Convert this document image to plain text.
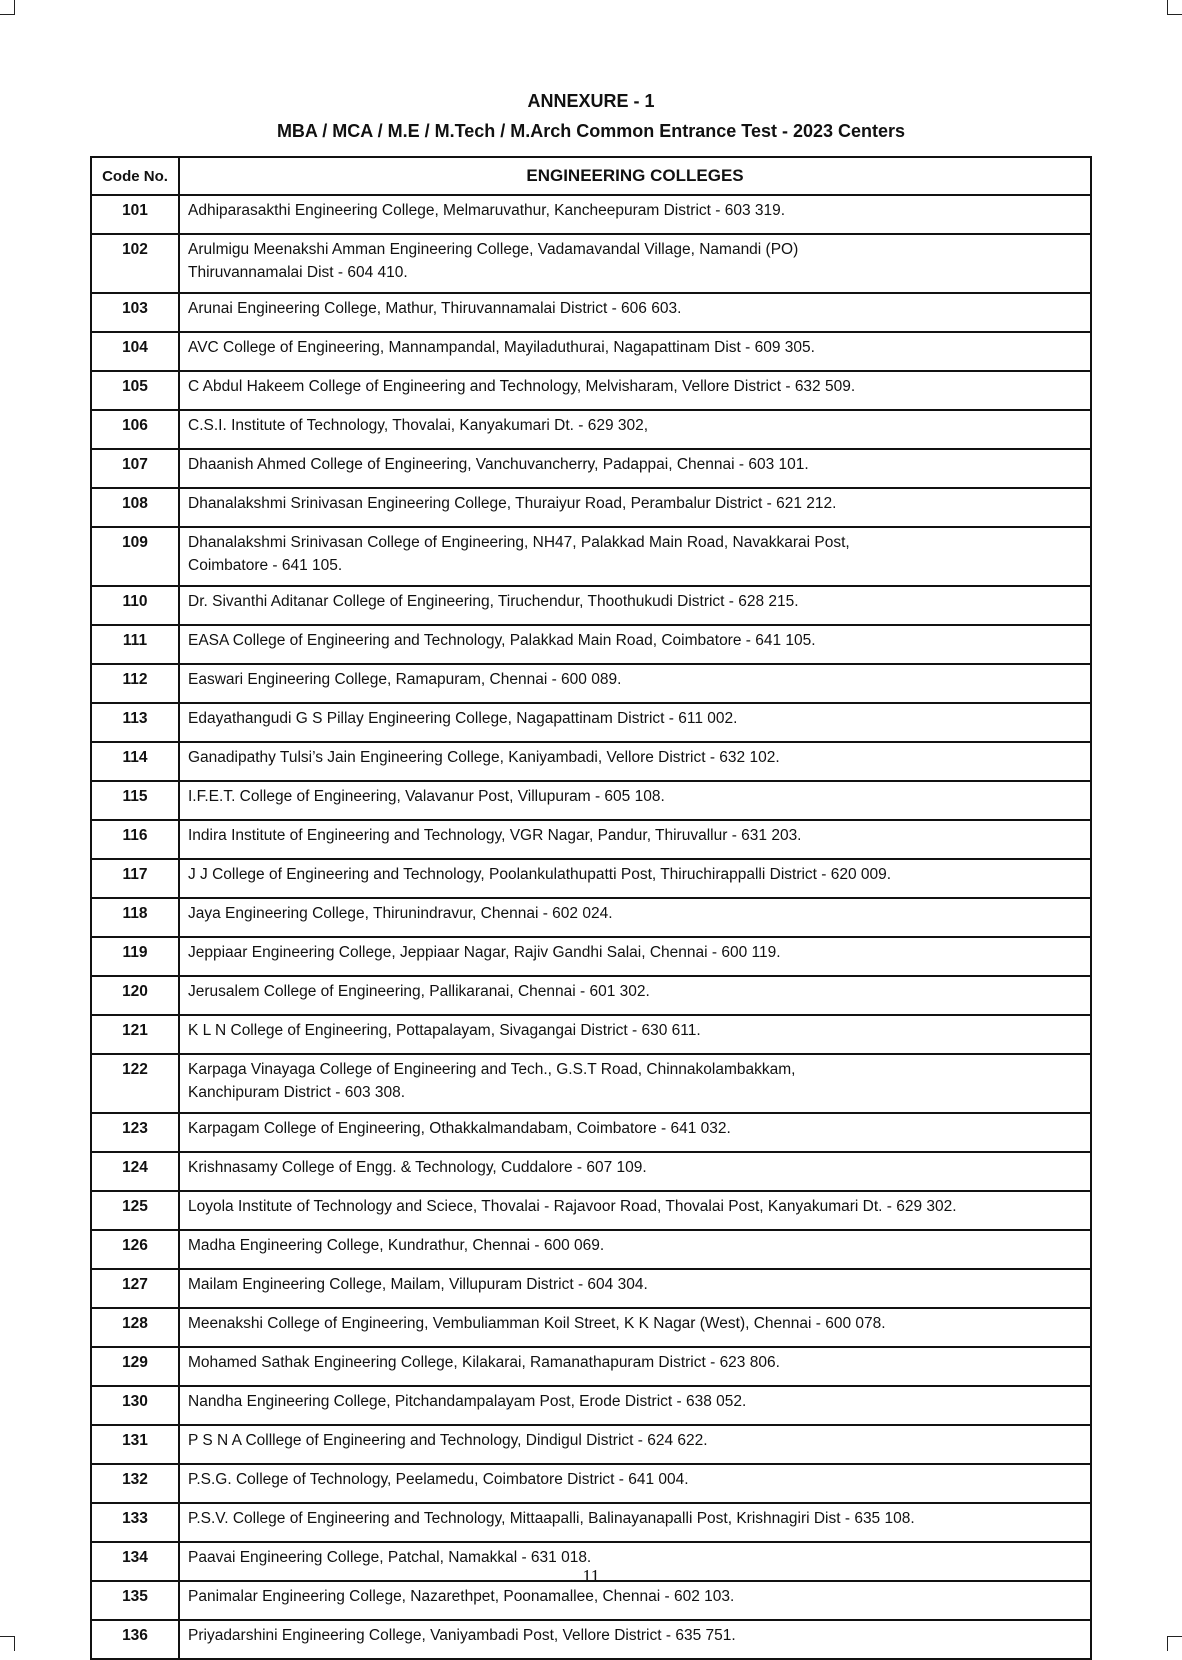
ANNEXURE - 1
MBA / MCA / M.E / M.Tech / M.Arch Common Entrance Test - 2023 Centers
Code No.	ENGINEERING COLLEGES
101	Adhiparasakthi Engineering College, Melmaruvathur, Kancheepuram District - 603 319.

102	Arulmigu Meenakshi Amman Engineering College, Vadamavandal Village, Namandi (PO)
Thiruvannamalai Dist - 604 410.

103	Arunai Engineering College, Mathur, Thiruvannamalai District - 606 603.

104	AVC College of Engineering, Mannampandal, Mayiladuthurai, Nagapattinam Dist - 609 305.

105	C Abdul Hakeem College of Engineering and Technology, Melvisharam, Vellore District - 632 509.

106	C.S.I. Institute of Technology, Thovalai, Kanyakumari Dt. - 629 302,

107	Dhaanish Ahmed College of Engineering, Vanchuvancherry, Padappai, Chennai - 603 101.

108	Dhanalakshmi Srinivasan Engineering College, Thuraiyur Road, Perambalur District - 621 212.

109	Dhanalakshmi Srinivasan College of Engineering, NH47, Palakkad Main Road, Navakkarai Post,
Coimbatore - 641 105.

110	Dr. Sivanthi Aditanar College of Engineering, Tiruchendur, Thoothukudi District - 628 215.

111	EASA College of Engineering and Technology, Palakkad Main Road, Coimbatore - 641 105.

112	Easwari Engineering College, Ramapuram, Chennai - 600 089.

113	Edayathangudi G S Pillay Engineering College, Nagapattinam District - 611 002.

114	Ganadipathy Tulsi’s Jain Engineering College, Kaniyambadi, Vellore District - 632 102.

115	I.F.E.T. College of Engineering, Valavanur Post, Villupuram - 605 108.

116	Indira Institute of Engineering and Technology, VGR Nagar, Pandur, Thiruvallur - 631 203.

117	J J College of Engineering and Technology, Poolankulathupatti Post, Thiruchirappalli District - 620 009.

118	Jaya Engineering College, Thirunindravur, Chennai - 602 024.

119	Jeppiaar Engineering College, Jeppiaar Nagar, Rajiv Gandhi Salai, Chennai - 600 119.

120	Jerusalem College of Engineering, Pallikaranai, Chennai - 601 302.

121	K L N College of Engineering, Pottapalayam, Sivagangai District - 630 611.

122	Karpaga Vinayaga College of Engineering and Tech., G.S.T Road, Chinnakolambakkam,
Kanchipuram District - 603 308.

123	Karpagam College of Engineering, Othakkalmandabam, Coimbatore - 641 032.

124	Krishnasamy College of Engg. & Technology, Cuddalore - 607 109.

125	Loyola Institute of Technology and Sciece, Thovalai - Rajavoor Road, Thovalai Post, Kanyakumari Dt. - 629 302.

126	Madha Engineering College, Kundrathur, Chennai - 600 069.

127	Mailam Engineering College, Mailam, Villupuram District - 604 304.

128	Meenakshi College of Engineering, Vembuliamman Koil Street, K K Nagar (West), Chennai - 600 078.

129	Mohamed Sathak Engineering College, Kilakarai, Ramanathapuram District - 623 806.

130	Nandha Engineering College, Pitchandampalayam Post, Erode District - 638 052.

131	P S N A Colllege of Engineering and Technology, Dindigul District - 624 622.

132	P.S.G. College of Technology, Peelamedu, Coimbatore District - 641 004.

133	P.S.V. College of Engineering and Technology, Mittaapalli, Balinayanapalli Post, Krishnagiri Dist - 635 108.

134	Paavai Engineering College, Patchal, Namakkal - 631 018.

135	Panimalar Engineering College, Nazarethpet, Poonamallee, Chennai - 602 103.

136	Priyadarshini Engineering College, Vaniyambadi Post, Vellore District - 635 751.
11
